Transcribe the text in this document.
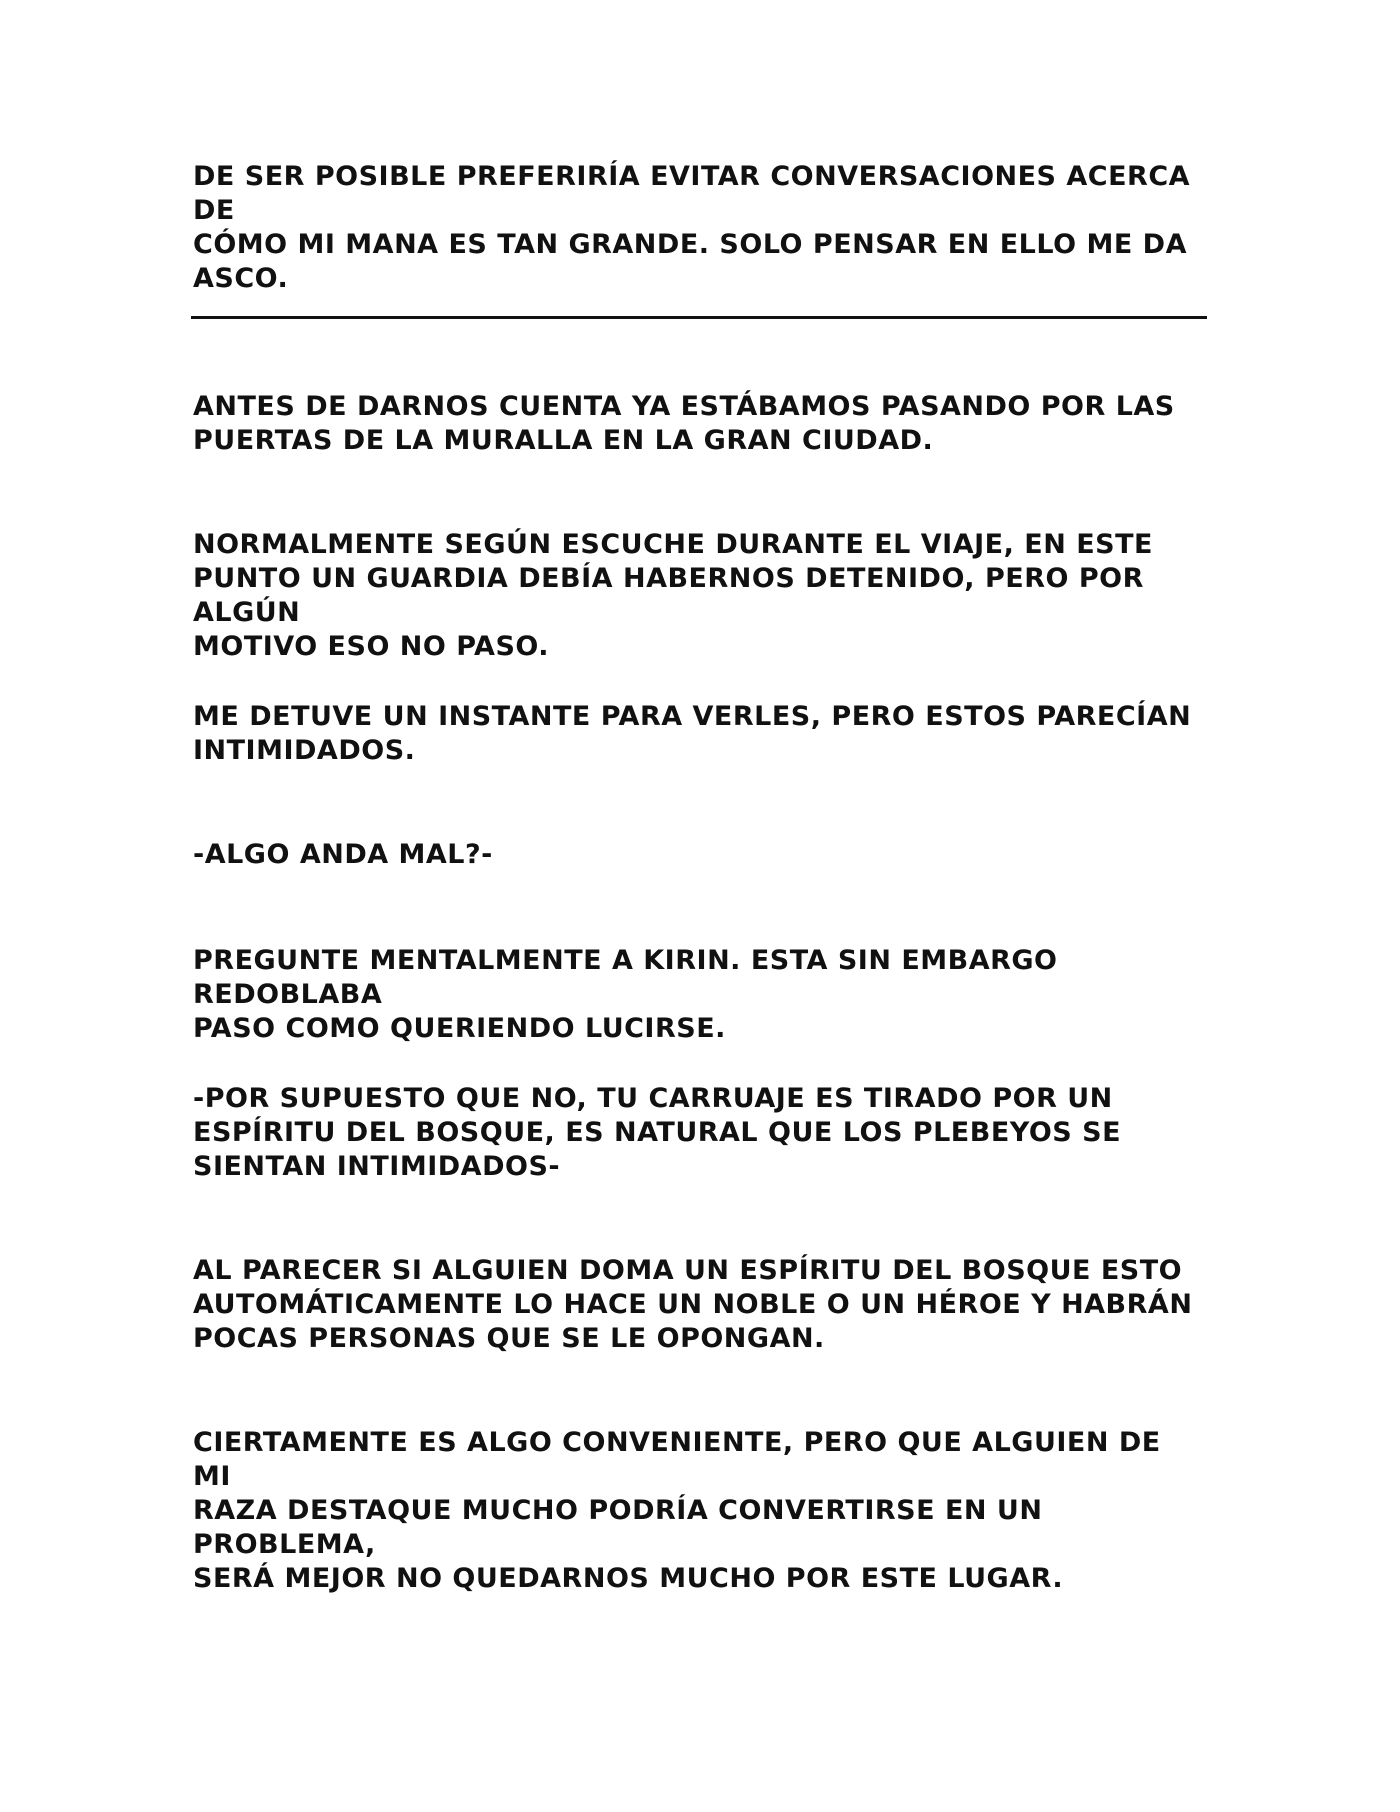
DE SER POSIBLE PREFERIRÍA EVITAR CONVERSACIONES ACERCA DE
CÓMO MI MANA ES TAN GRANDE. SOLO PENSAR EN ELLO ME DA
ASCO.

ANTES DE DARNOS CUENTA YA ESTÁBAMOS PASANDO POR LAS
PUERTAS DE LA MURALLA EN LA GRAN CIUDAD.

NORMALMENTE SEGÚN ESCUCHE DURANTE EL VIAJE, EN ESTE
PUNTO UN GUARDIA DEBÍA HABERNOS DETENIDO, PERO POR ALGÚN
MOTIVO ESO NO PASO.

ME DETUVE UN INSTANTE PARA VERLES, PERO ESTOS PARECÍAN
INTIMIDADOS.

-ALGO ANDA MAL?-

PREGUNTE MENTALMENTE A KIRIN. ESTA SIN EMBARGO REDOBLABA
PASO COMO QUERIENDO LUCIRSE.

-POR SUPUESTO QUE NO, TU CARRUAJE ES TIRADO POR UN
ESPÍRITU DEL BOSQUE, ES NATURAL QUE LOS PLEBEYOS SE
SIENTAN INTIMIDADOS-

AL PARECER SI ALGUIEN DOMA UN ESPÍRITU DEL BOSQUE ESTO
AUTOMÁTICAMENTE LO HACE UN NOBLE O UN HÉROE Y HABRÁN
POCAS PERSONAS QUE SE LE OPONGAN.

CIERTAMENTE ES ALGO CONVENIENTE, PERO QUE ALGUIEN DE MI
RAZA DESTAQUE MUCHO PODRÍA CONVERTIRSE EN UN PROBLEMA,
SERÁ MEJOR NO QUEDARNOS MUCHO POR ESTE LUGAR.
